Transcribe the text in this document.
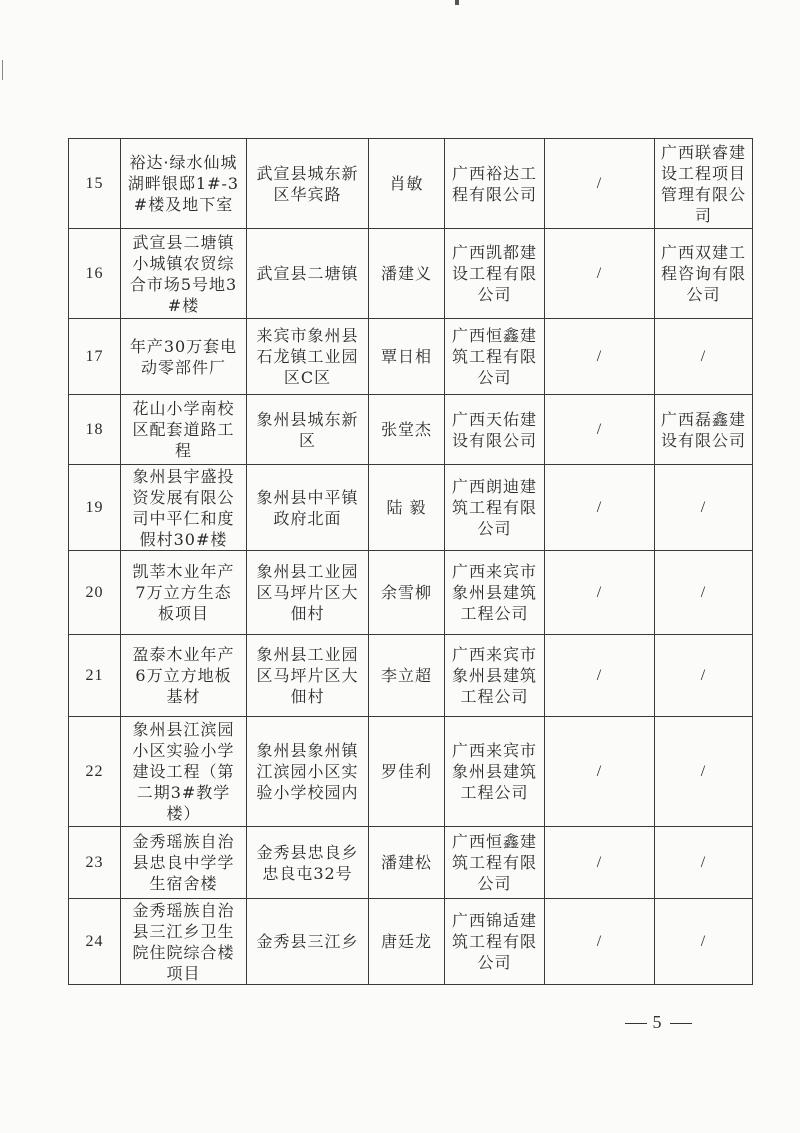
15	裕达·绿水仙城湖畔银邸1#-3#楼及地下室	武宣县城东新区华宾路	肖敏	广西裕达工程有限公司	/	广西联睿建设工程项目管理有限公司
16	武宣县二塘镇小城镇农贸综合市场5号地3#楼	武宣县二塘镇	潘建义	广西凯都建设工程有限公司	/	广西双建工程咨询有限公司
17	年产30万套电动零部件厂	来宾市象州县石龙镇工业园区C区	覃日相	广西恒鑫建筑工程有限公司	/	/
18	花山小学南校区配套道路工程	象州县城东新区	张堂杰	广西天佑建设有限公司	/	广西磊鑫建设有限公司
19	象州县宇盛投资发展有限公司中平仁和度假村30#楼	象州县中平镇政府北面	陆 毅	广西朗迪建筑工程有限公司	/	/
20	凯莘木业年产7万立方生态板项目	象州县工业园区马坪片区大佃村	余雪柳	广西来宾市象州县建筑工程公司	/	/
21	盈泰木业年产6万立方地板基材	象州县工业园区马坪片区大佃村	李立超	广西来宾市象州县建筑工程公司	/	/
22	象州县江滨园小区实验小学建设工程（第二期3#教学楼）	象州县象州镇江滨园小区实验小学校园内	罗佳利	广西来宾市象州县建筑工程公司	/	/
23	金秀瑶族自治县忠良中学学生宿舍楼	金秀县忠良乡忠良屯32号	潘建松	广西恒鑫建筑工程有限公司	/	/
24	金秀瑶族自治县三江乡卫生院住院综合楼项目	金秀县三江乡	唐廷龙	广西锦适建筑工程有限公司	/	/
5
